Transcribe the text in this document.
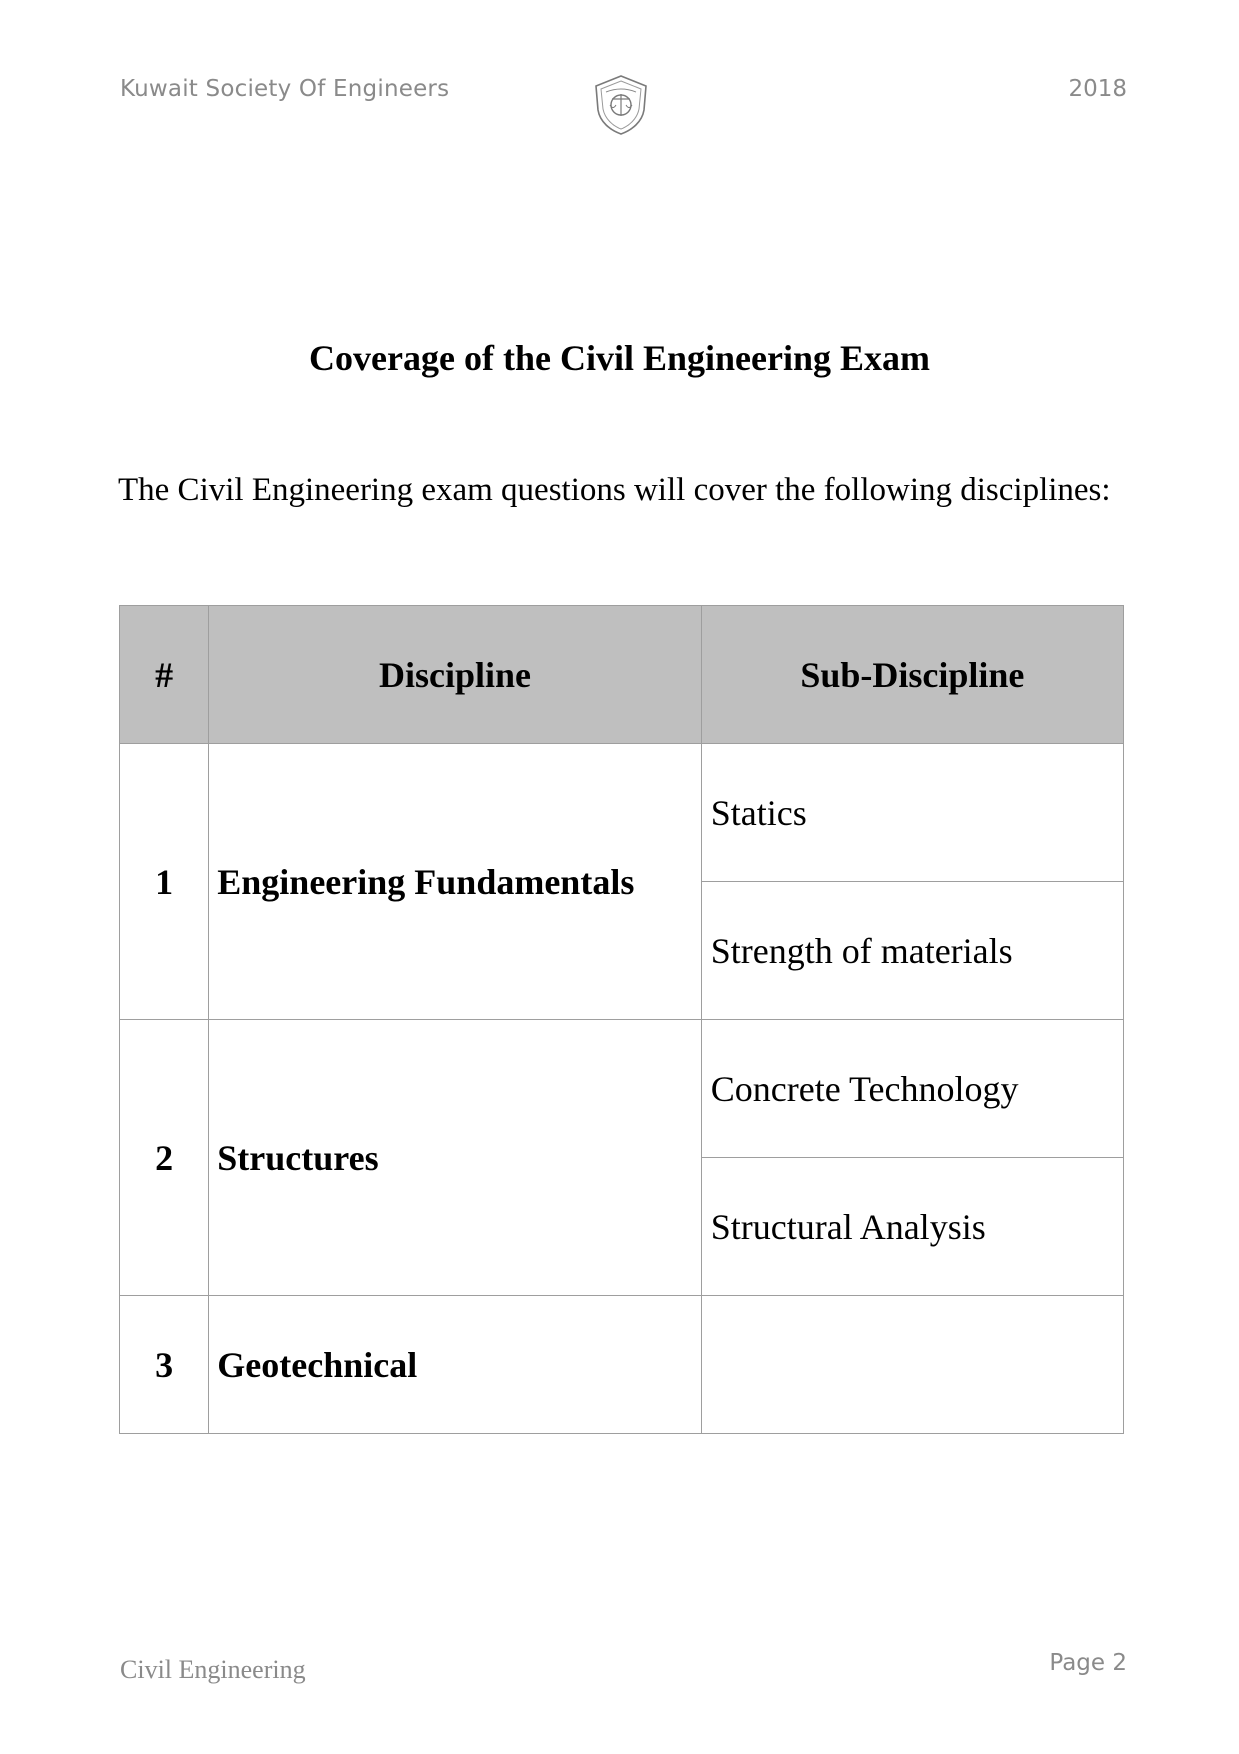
Kuwait Society Of Engineers	2018
Coverage of the Civil Engineering Exam
The Civil Engineering exam questions will cover the following disciplines:
#	Discipline	Sub-Discipline
1	Engineering Fundamentals	Statics
		Strength of materials
2	Structures	Concrete Technology
		Structural Analysis
3	Geotechnical	
Civil Engineering	Page 2
